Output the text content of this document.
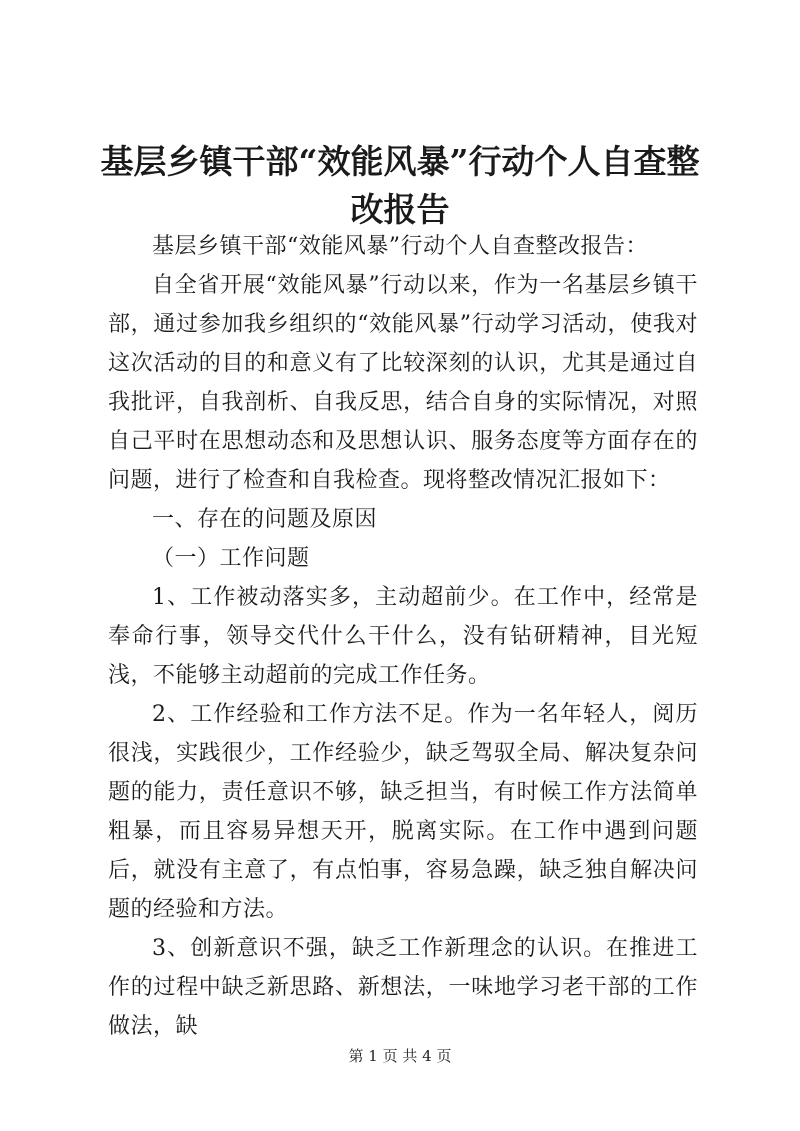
基层乡镇干部“效能风暴”行动个人自查整改报告

基层乡镇干部“效能风暴”行动个人自查整改报告：

自全省开展“效能风暴”行动以来，作为一名基层乡镇干部，通过参加我乡组织的“效能风暴”行动学习活动，使我对这次活动的目的和意义有了比较深刻的认识，尤其是通过自我批评，自我剖析、自我反思，结合自身的实际情况，对照自己平时在思想动态和及思想认识、服务态度等方面存在的问题，进行了检查和自我检查。现将整改情况汇报如下：

一、存在的问题及原因

（一）工作问题

1、工作被动落实多，主动超前少。在工作中，经常是奉命行事，领导交代什么干什么，没有钻研精神，目光短浅，不能够主动超前的完成工作任务。

2、工作经验和工作方法不足。作为一名年轻人，阅历很浅，实践很少，工作经验少，缺乏驾驭全局、解决复杂问题的能力，责任意识不够，缺乏担当，有时候工作方法简单粗暴，而且容易异想天开，脱离实际。在工作中遇到问题后，就没有主意了，有点怕事，容易急躁，缺乏独自解决问题的经验和方法。

3、创新意识不强，缺乏工作新理念的认识。在推进工作的过程中缺乏新思路、新想法，一味地学习老干部的工作做法，缺

第 1 页 共 4 页
